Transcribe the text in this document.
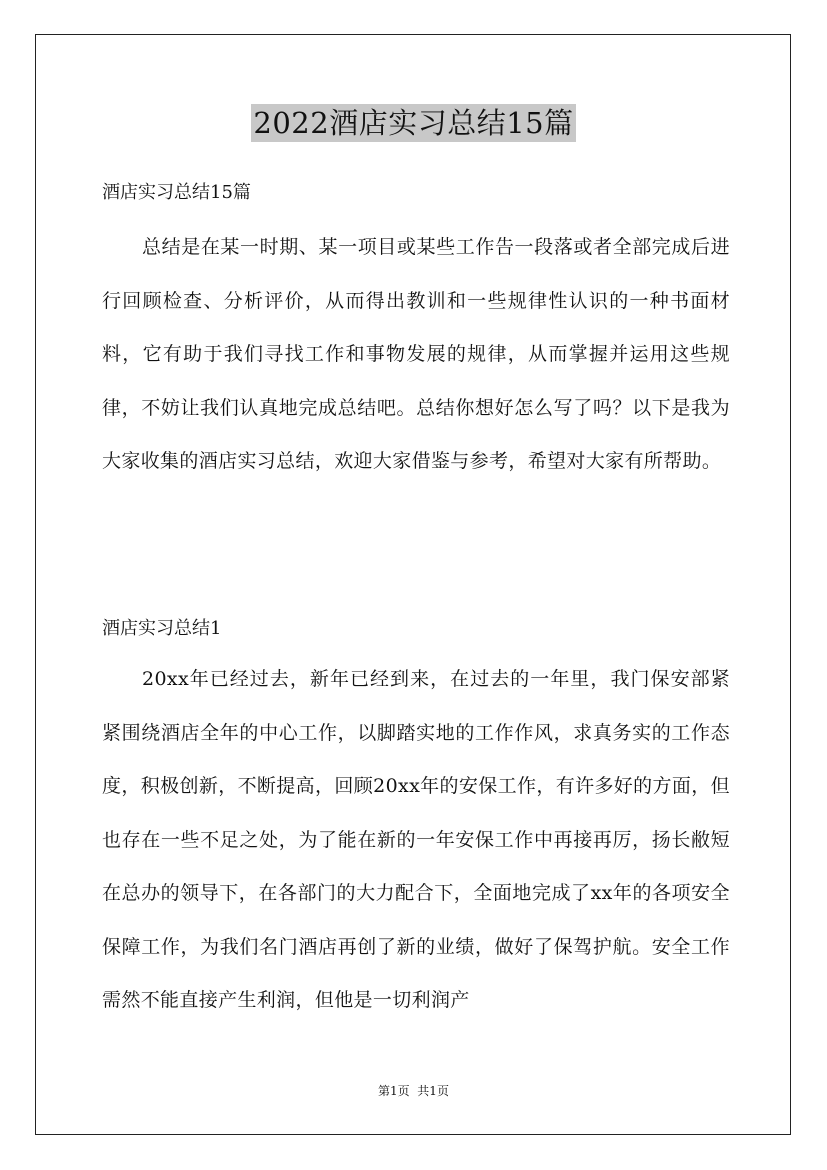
2022酒店实习总结15篇
酒店实习总结15篇

总结是在某一时期、某一项目或某些工作告一段落或者全部完成后进行回顾检查、分析评价，从而得出教训和一些规律性认识的一种书面材料，它有助于我们寻找工作和事物发展的规律，从而掌握并运用这些规律，不妨让我们认真地完成总结吧。总结你想好怎么写了吗？以下是我为大家收集的酒店实习总结，欢迎大家借鉴与参考，希望对大家有所帮助。

酒店实习总结1

20xx年已经过去，新年已经到来，在过去的一年里，我门保安部紧紧围绕酒店全年的中心工作，以脚踏实地的工作作风，求真务实的工作态度，积极创新，不断提高，回顾20xx年的安保工作，有许多好的方面，但也存在一些不足之处，为了能在新的一年安保工作中再接再厉，扬长敝短在总办的领导下，在各部门的大力配合下，全面地完成了xx年的各项安全保障工作，为我们名门酒店再创了新的业绩，做好了保驾护航。安全工作需然不能直接产生利润，但他是一切利润产

第1页  共1页
